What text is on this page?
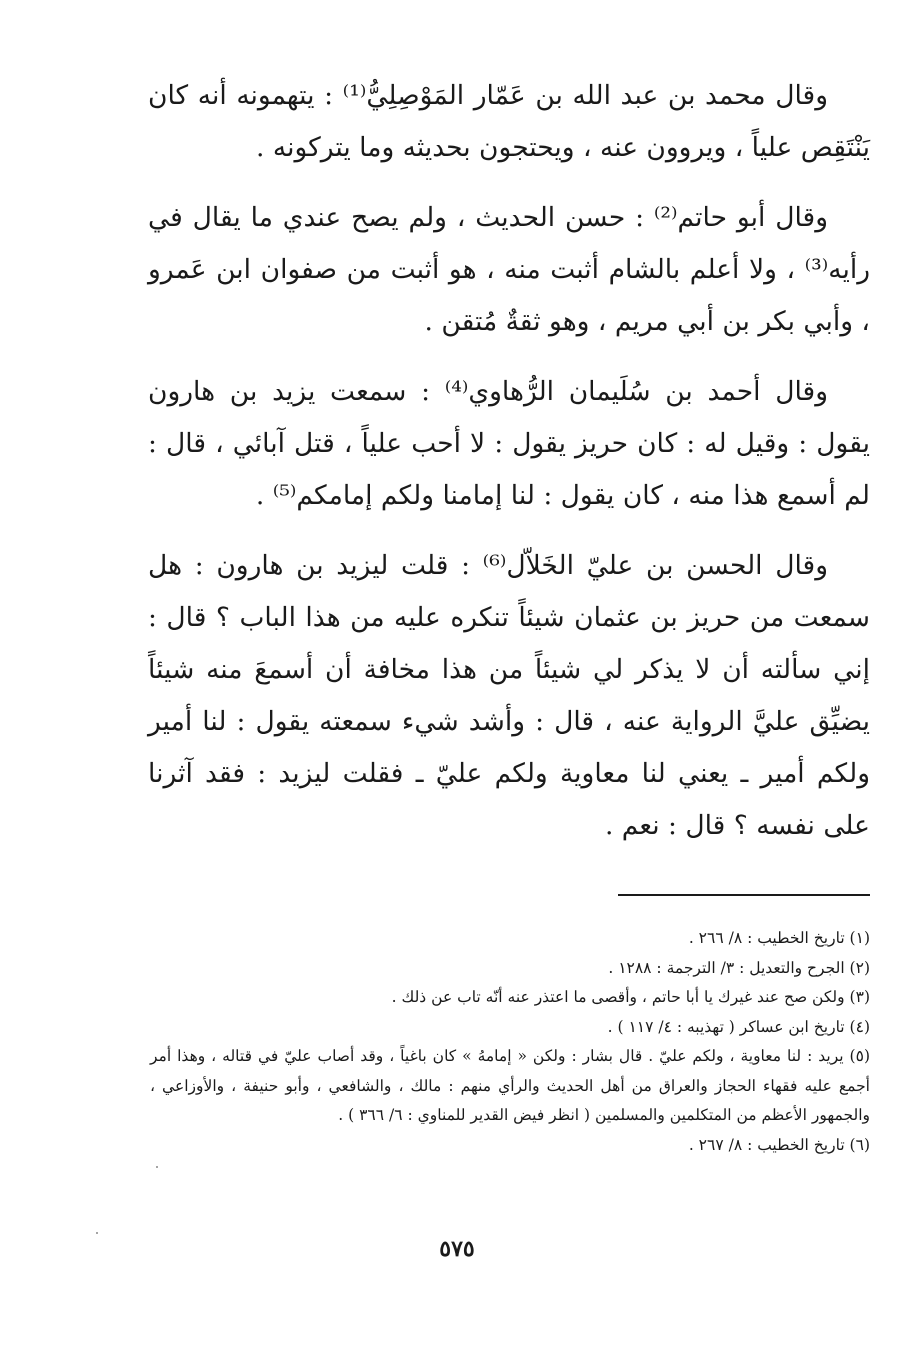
وقال محمد بن عبد الله بن عَمّار المَوْصِلِيُّ⁽¹⁾ : يتهمونه أنه كان يَنْتَقِص علياً ، ويروون عنه ، ويحتجون بحديثه وما يتركونه .

وقال أبو حاتم⁽²⁾ : حسن الحديث ، ولم يصح عندي ما يقال في رأيه⁽³⁾ ، ولا أعلم بالشام أثبت منه ، هو أثبت من صفوان ابن عَمرو ، وأبي بكر بن أبي مريم ، وهو ثقةٌ مُتقن .

وقال أحمد بن سُلَيمان الرُّهاوي⁽⁴⁾ : سمعت يزيد بن هارون يقول : وقيل له : كان حريز يقول : لا أحب علياً ، قتل آبائي ، قال : لم أسمع هذا منه ، كان يقول : لنا إمامنا ولكم إمامكم⁽⁵⁾ .

وقال الحسن بن عليّ الخَلاّل⁽⁶⁾ : قلت ليزيد بن هارون : هل سمعت من حريز بن عثمان شيئاً تنكره عليه من هذا الباب ؟ قال : إني سألته أن لا يذكر لي شيئاً من هذا مخافة أن أسمعَ منه شيئاً يضيِّق عليَّ الرواية عنه ، قال : وأشد شيء سمعته يقول : لنا أمير ولكم أمير ـ يعني لنا معاوية ولكم عليّ ـ فقلت ليزيد : فقد آثرنا على نفسه ؟ قال : نعم .

(١) تاريخ الخطيب : ٨/ ٢٦٦ .

(٢) الجرح والتعديل : ٣/ الترجمة : ١٢٨٨ .

(٣) ولكن صح عند غيرك يا أبا حاتم ، وأقصى ما اعتذر عنه أنّه تاب عن ذلك .

(٤) تاريخ ابن عساكر ( تهذيبه : ٤/ ١١٧ ) .

(٥) يريد : لنا معاوية ، ولكم عليّ . قال بشار : ولكن « إمامهُ » كان باغياً ، وقد أصاب عليّ في قتاله ، وهذا أمر أجمع عليه فقهاء الحجاز والعراق من أهل الحديث والرأي منهم : مالك ، والشافعي ، وأبو حنيفة ، والأوزاعي ، والجمهور الأعظم من المتكلمين والمسلمين ( انظر فيض القدير للمناوي : ٦/ ٣٦٦ ) .

(٦) تاريخ الخطيب : ٨/ ٢٦٧ .

٥٧٥
